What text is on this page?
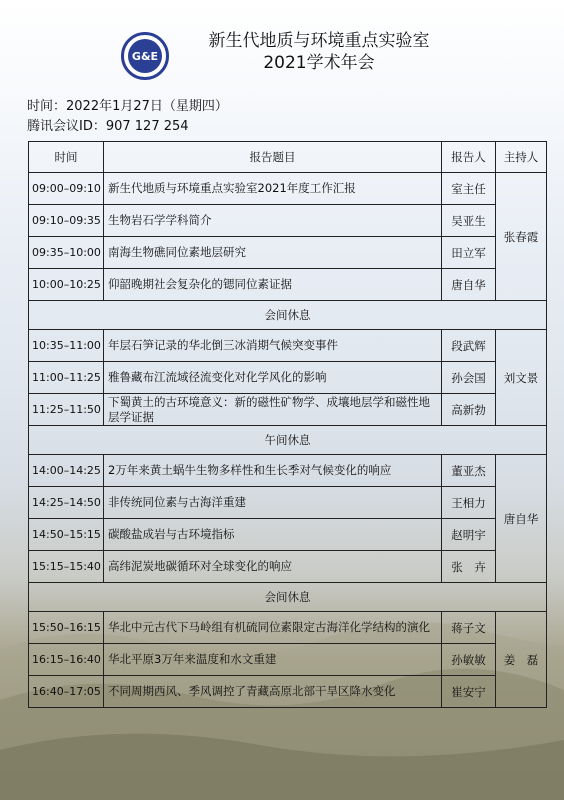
G&E
新生代地质与环境重点实验室
2021学术年会
时间：2022年1月27日（星期四）
腾讯会议ID：907 127 254
时间	报告题目	报告人	主持人
09:00–09:10	新生代地质与环境重点实验室2021年度工作汇报	室主任	张春霞
09:10–09:35	生物岩石学学科简介	吴亚生	
09:35–10:00	南海生物礁同位素地层研究	田立军	
10:00–10:25	仰韶晚期社会复杂化的锶同位素证据	唐自华	
会间休息			
10:35–11:00	年层石笋记录的华北倒三冰消期气候突变事件	段武辉	刘文景
11:00–11:25	雅鲁藏布江流域径流变化对化学风化的影响	孙会国	
11:25–11:50	下蜀黄土的古环境意义：新的磁性矿物学、成壤地层学和磁性地层学证据	高新勃	
午间休息			
14:00–14:25	2万年来黄土蜗牛生物多样性和生长季对气候变化的响应	董亚杰	唐自华
14:25–14:50	非传统同位素与古海洋重建	王相力	
14:50–15:15	碳酸盐成岩与古环境指标	赵明宇	
15:15–15:40	高纬泥炭地碳循环对全球变化的响应	张　卉	
会间休息			
15:50–16:15	华北中元古代下马岭组有机硫同位素限定古海洋化学结构的演化	蒋子文	姜　磊
16:15–16:40	华北平原3万年来温度和水文重建	孙敏敏	
16:40–17:05	不同周期西风、季风调控了青藏高原北部干旱区降水变化	崔安宁	
